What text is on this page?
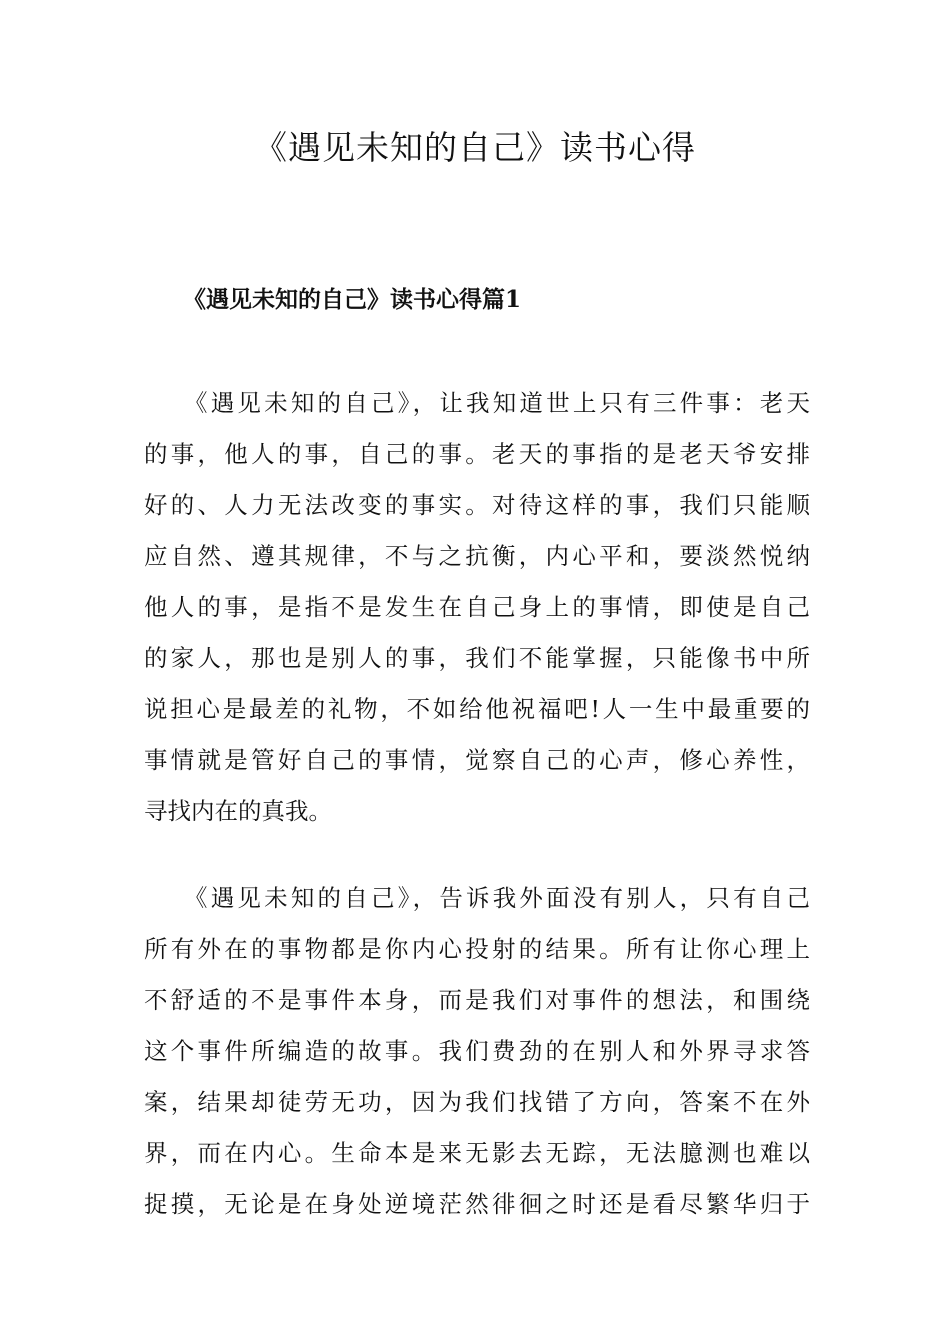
《遇见未知的自己》读书心得
《遇见未知的自己》读书心得篇1
《遇见未知的自己》，让我知道世上只有三件事：老天
的事，他人的事，自己的事。老天的事指的是老天爷安排
好的、人力无法改变的事实。对待这样的事，我们只能顺
应自然、遵其规律，不与之抗衡，内心平和，要淡然悦纳
他人的事，是指不是发生在自己身上的事情，即使是自己
的家人，那也是别人的事，我们不能掌握，只能像书中所
说担心是最差的礼物，不如给他祝福吧!人一生中最重要的
事情就是管好自己的事情，觉察自己的心声，修心养性，
寻找内在的真我。
《遇见未知的自己》，告诉我外面没有别人，只有自己
所有外在的事物都是你内心投射的结果。所有让你心理上
不舒适的不是事件本身，而是我们对事件的想法，和围绕
这个事件所编造的故事。我们费劲的在别人和外界寻求答
案，结果却徒劳无功，因为我们找错了方向，答案不在外
界，而在内心。生命本是来无影去无踪，无法臆测也难以
捉摸，无论是在身处逆境茫然徘徊之时还是看尽繁华归于
